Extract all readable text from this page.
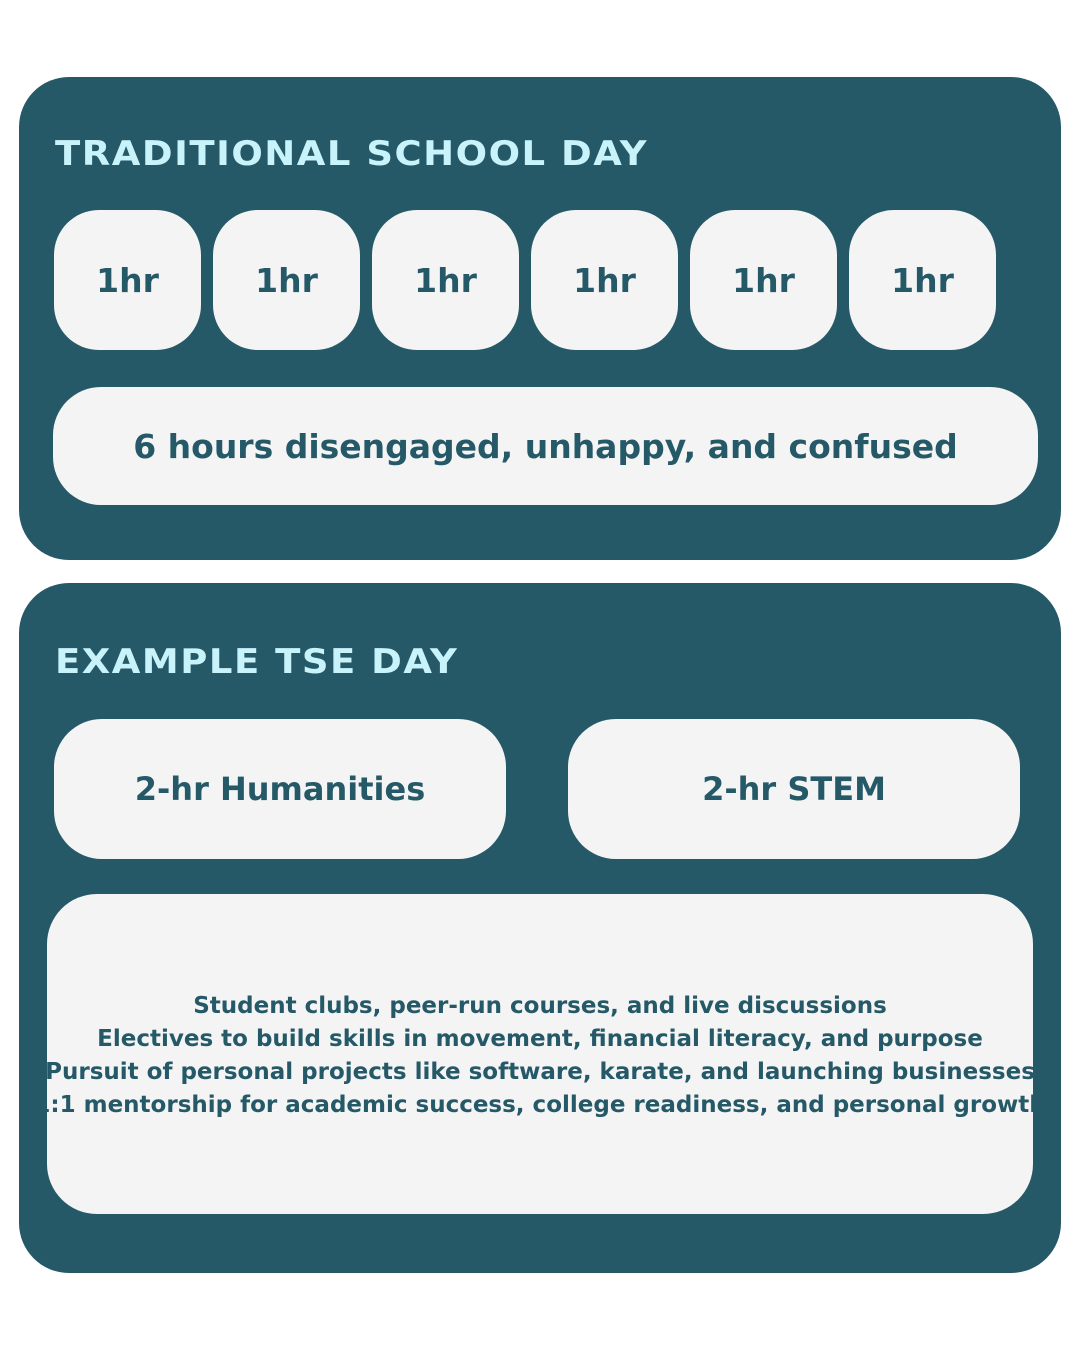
TRADITIONAL SCHOOL DAY
1hr	1hr	1hr	1hr	1hr	1hr
6 hours disengaged, unhappy, and confused
EXAMPLE TSE DAY
2-hr Humanities	2-hr STEM
Student clubs, peer-run courses, and live discussions
Electives to build skills in movement, financial literacy, and purpose
Pursuit of personal projects like software, karate, and launching businesses
1:1 mentorship for academic success, college readiness, and personal growth
